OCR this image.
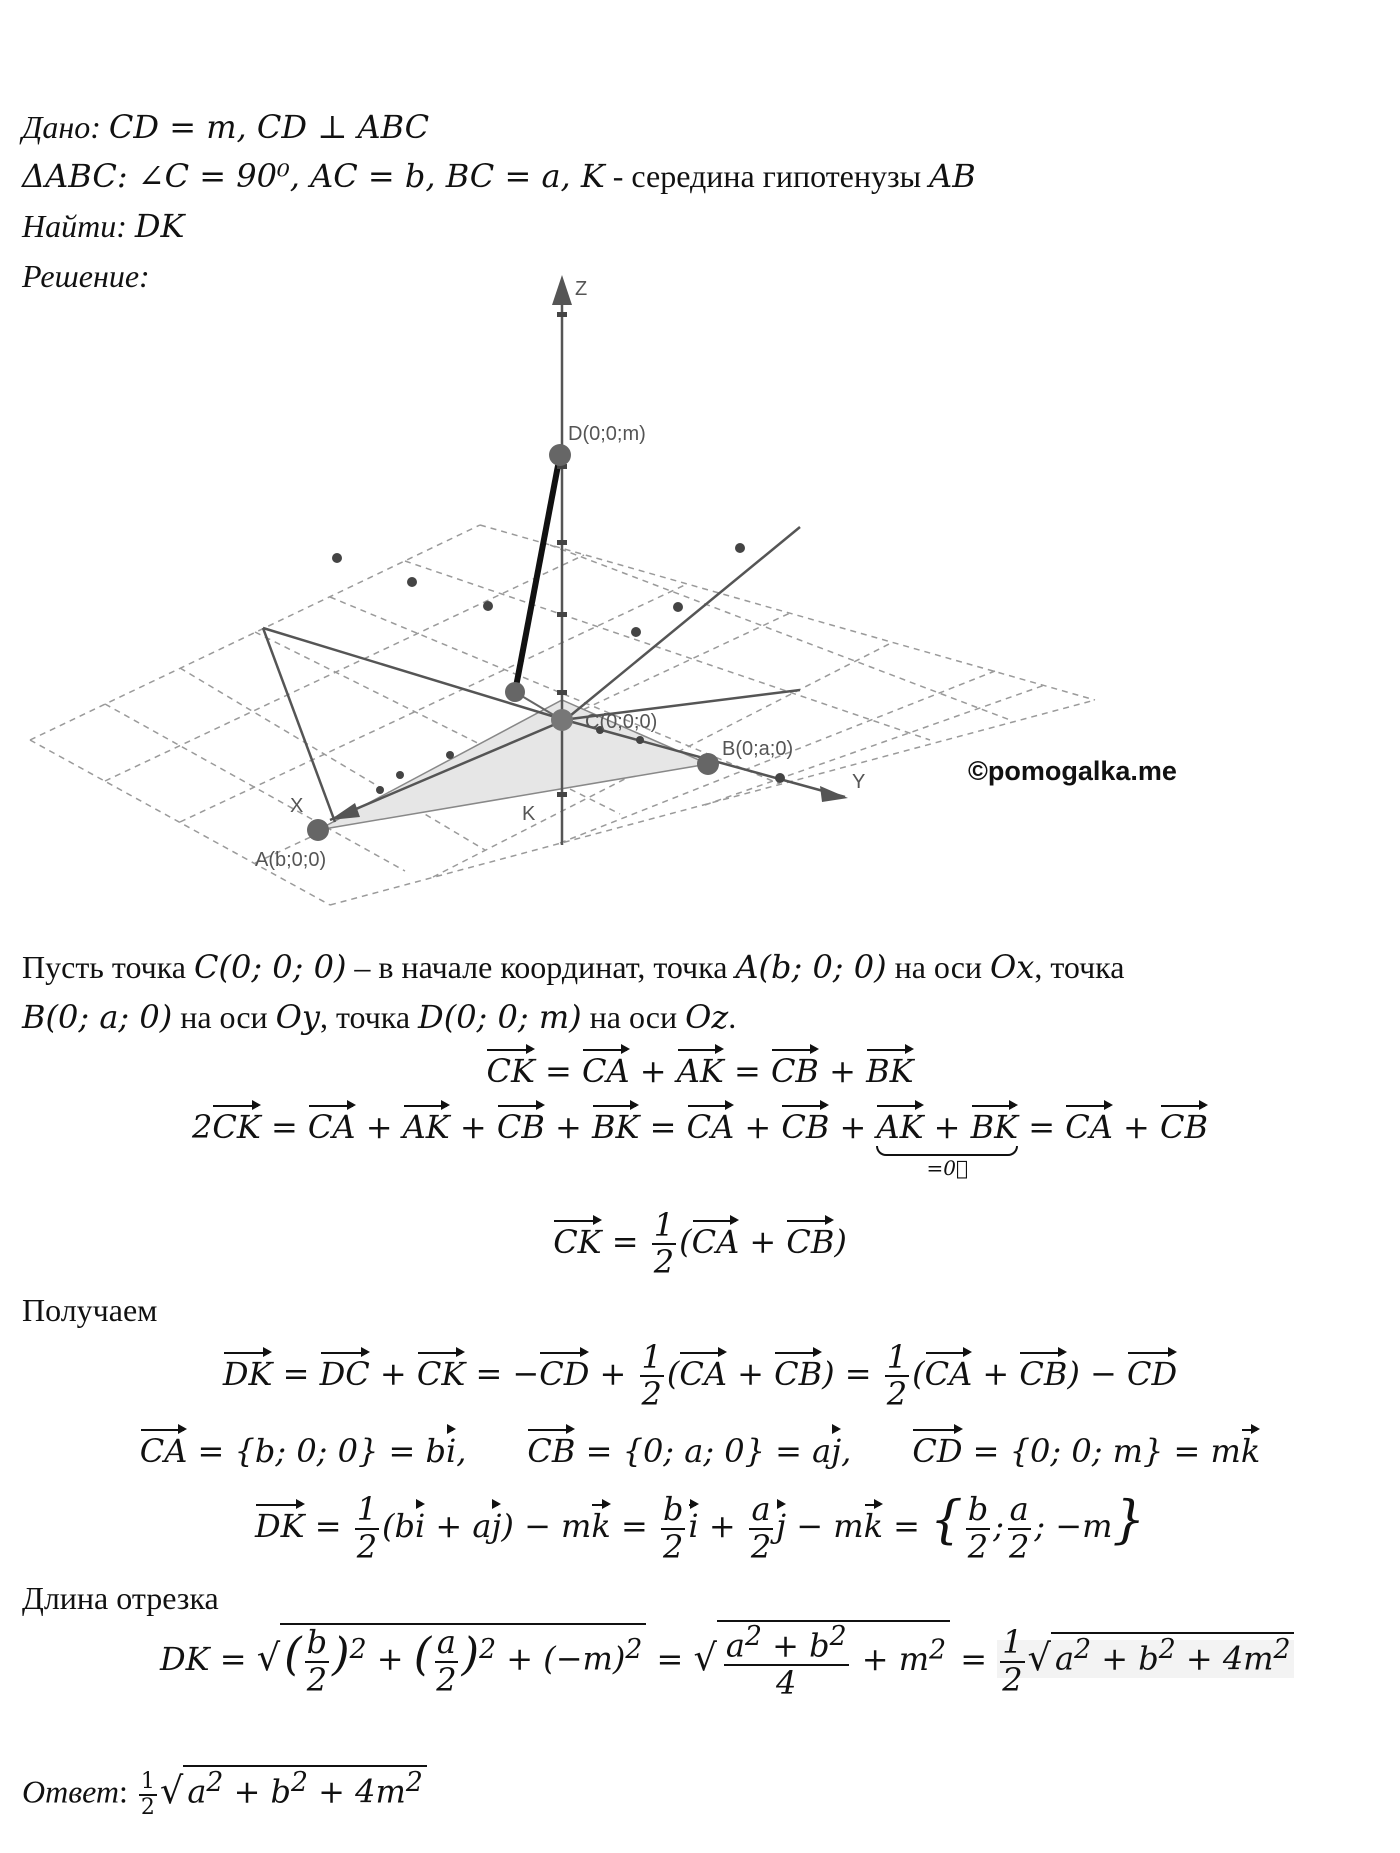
Дано: CD = m, CD ⊥ ABC
ΔABC: ∠C = 90⁰, AC = b, BC = a, K - середина гипотенузы AB
Найти: DK
Решение:	Z
D(0;0;m)
C(0;0;0)
B(0;a;0)
Y
X
A(b;0;0)
K
©pomogalka.me
Пусть точка C(0; 0; 0) – в начале координат, точка A(b; 0; 0) на оси Ox, точка
B(0; a; 0) на оси Oy, точка D(0; 0; m) на оси Oz.
CK = CA + AK = CB + BK
2CK = CA + AK + CB + BK = CA + CB + AK + BK
=0⃗
= CA + CB
CK = $\frac{1}{2} (CA + CB)$
Получаем
DK = DC + CK = $-CD + \frac{1}{2} (CA + CB) = \frac{1}{2} (CA + CB)$ − CD
CA = {b; 0; 0} = bi,      CB = {0; a; 0} = aj,      CD = {0; 0; m} = mk
DK = $\frac{1}{2} (bi + aj)$ − mk = $\frac{b}{2}$ $i + \frac{a}{2}$ j − mk = { $\frac{b}{2}$ ; $\frac{a}{2}$ ; −m}
Длина отрезка
DK = √( $\frac{b}{2} )^2$ + ( $\frac{a}{2} )^2 + (-m)^2$ = √ $\frac{a^2 + b^2}{4} + m^2 = \frac{1}{2}$ √ $a^2 + b^2 + 4m^2$
Ответ: $\frac{1}{2}$ √ $a^2 + b^2 + 4m^2$
